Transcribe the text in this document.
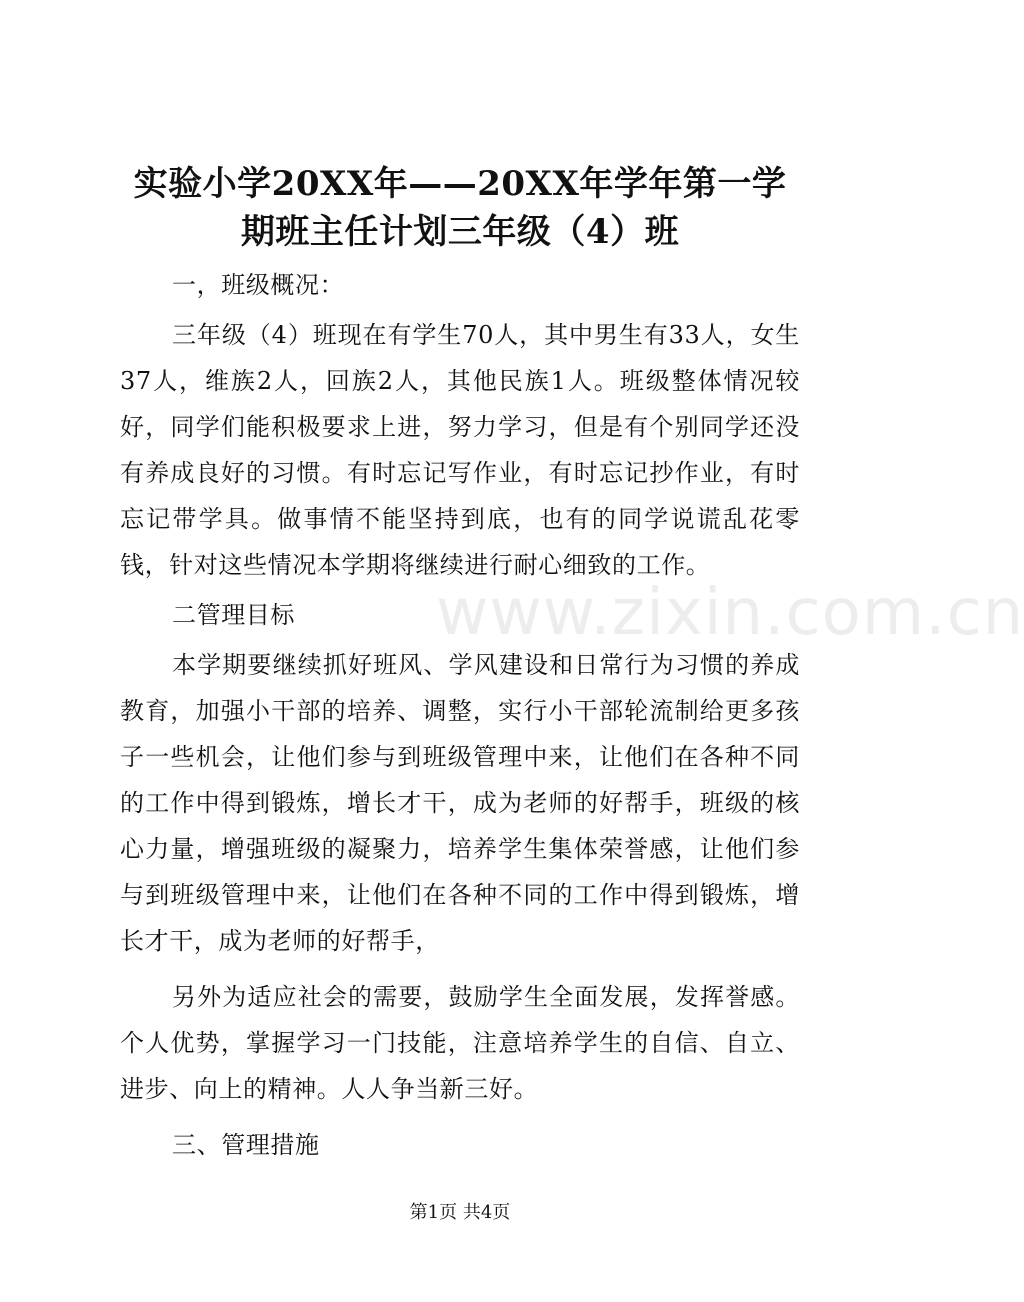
实验小学20XX年——20XX年学年第一学期班主任计划三年级（4）班

一，班级概况：

三年级（4）班现在有学生70人，其中男生有33人，女生37人，维族2人，回族2人，其他民族1人。班级整体情况较好，同学们能积极要求上进，努力学习，但是有个别同学还没有养成良好的习惯。有时忘记写作业，有时忘记抄作业，有时忘记带学具。做事情不能坚持到底，也有的同学说谎乱花零钱，针对这些情况本学期将继续进行耐心细致的工作。

二管理目标

本学期要继续抓好班风、学风建设和日常行为习惯的养成教育，加强小干部的培养、调整，实行小干部轮流制给更多孩子一些机会，让他们参与到班级管理中来，让他们在各种不同的工作中得到锻炼，增长才干，成为老师的好帮手，班级的核心力量，增强班级的凝聚力，培养学生集体荣誉感，让他们参与到班级管理中来，让他们在各种不同的工作中得到锻炼，增长才干，成为老师的好帮手，

另外为适应社会的需要，鼓励学生全面发展，发挥誉感。个人优势，掌握学习一门技能，注意培养学生的自信、自立、进步、向上的精神。人人争当新三好。

三、管理措施

www.zixin.com.cn
第1页 共4页
